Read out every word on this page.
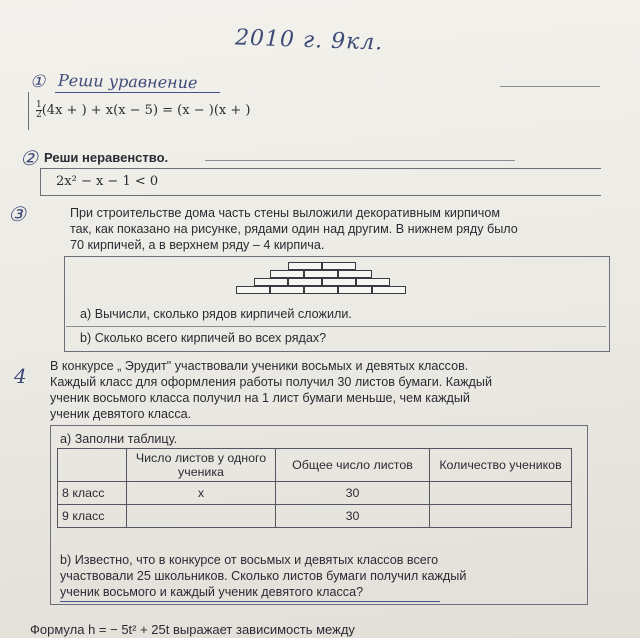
2010 г. 9кл.
① Реши уравнение
$\frac{1}{2} (4x$ + ) + x(x − 5) = (x − )(x + )
② Реши неравенство.
2x² − x − 1 < 0
③	При строительстве дома часть стены выложили декоративным кирпичом
так, как показано на рисунке, рядами один над другим. В нижнем ряду было
70 кирпичей, а в верхнем ряду – 4 кирпича.
а) Вычисли, сколько рядов кирпичей сложили.
b) Сколько всего кирпичей во всех рядах?
4 В конкурсе „ Эрудит" участвовали ученики восьмых и девятых классов.
Каждый класс для оформления работы получил 30 листов бумаги. Каждый
ученик восьмого класса получил на 1 лист бумаги меньше, чем каждый
ученик девятого класса.
а) Заполни таблицу.
	Число листов у одного ученика	Общее число листов	Количество учеников
8 класс	x	30	
9 класс		30	
b) Известно, что в конкурсе от восьмых и девятых классов всего
участвовали 25 школьников. Сколько листов бумаги получил каждый
ученик восьмого и каждый ученик девятого класса?
Формула h = − 5t² + 25t выражает зависимость между
